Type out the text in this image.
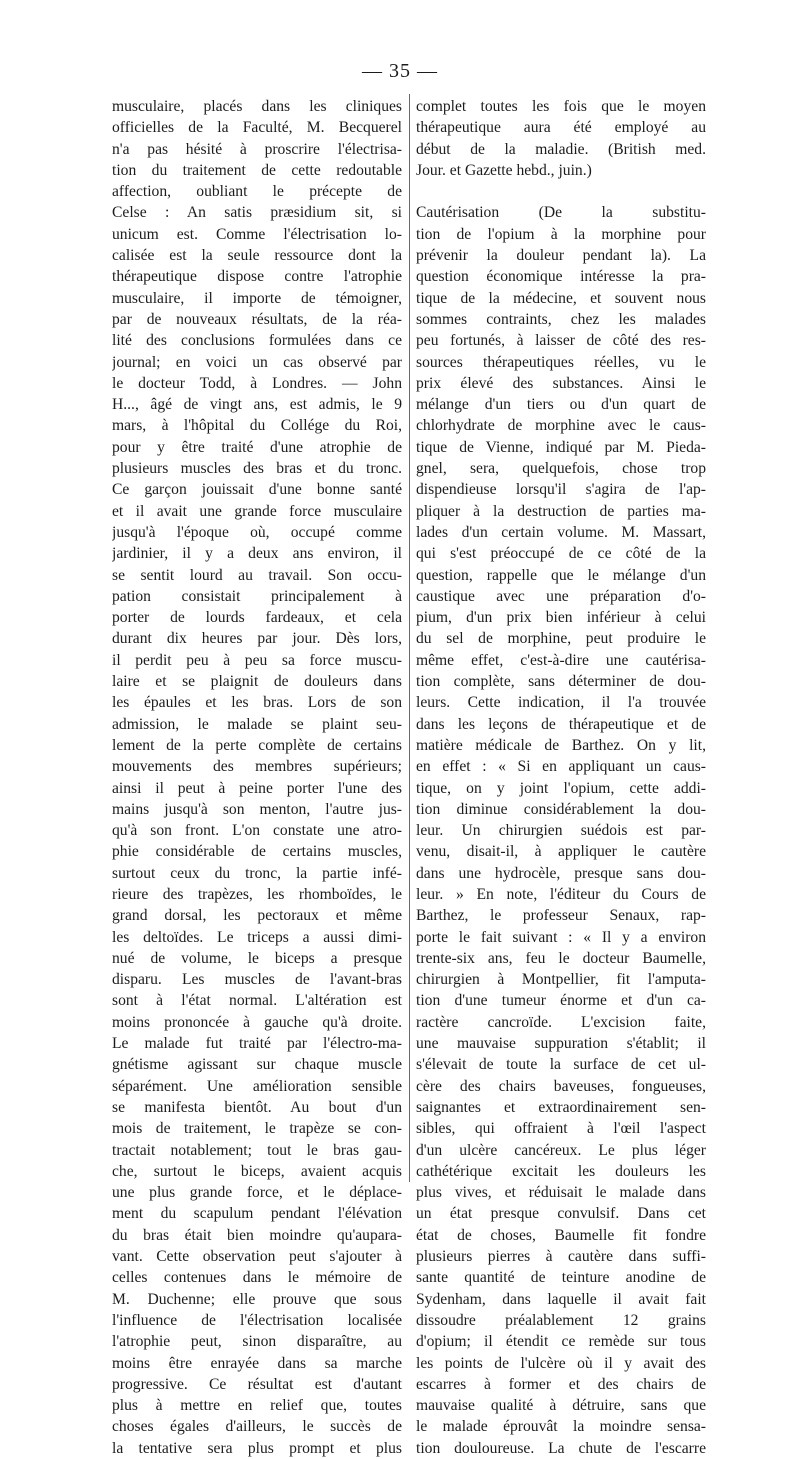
— 35 —
musculaire, placés dans les cliniques
officielles de la Faculté, M. Becquerel
n'a pas hésité à proscrire l'électrisa-
tion du traitement de cette redoutable
affection, oubliant le précepte de
Celse : An satis præsidium sit, si
unicum est. Comme l'électrisation lo-
calisée est la seule ressource dont la
thérapeutique dispose contre l'atrophie
musculaire, il importe de témoigner,
par de nouveaux résultats, de la réa-
lité des conclusions formulées dans ce
journal; en voici un cas observé par
le docteur Todd, à Londres. — John
H..., âgé de vingt ans, est admis, le 9
mars, à l'hôpital du Collége du Roi,
pour y être traité d'une atrophie de
plusieurs muscles des bras et du tronc.
Ce garçon jouissait d'une bonne santé
et il avait une grande force musculaire
jusqu'à l'époque où, occupé comme
jardinier, il y a deux ans environ, il
se sentit lourd au travail. Son occu-
pation consistait principalement à
porter de lourds fardeaux, et cela
durant dix heures par jour. Dès lors,
il perdit peu à peu sa force muscu-
laire et se plaignit de douleurs dans
les épaules et les bras. Lors de son
admission, le malade se plaint seu-
lement de la perte complète de certains
mouvements des membres supérieurs;
ainsi il peut à peine porter l'une des
mains jusqu'à son menton, l'autre jus-
qu'à son front. L'on constate une atro-
phie considérable de certains muscles,
surtout ceux du tronc, la partie infé-
rieure des trapèzes, les rhomboïdes, le
grand dorsal, les pectoraux et même
les deltoïdes. Le triceps a aussi dimi-
nué de volume, le biceps a presque
disparu. Les muscles de l'avant-bras
sont à l'état normal. L'altération est
moins prononcée à gauche qu'à droite.
Le malade fut traité par l'électro-ma-
gnétisme agissant sur chaque muscle
séparément. Une amélioration sensible
se manifesta bientôt. Au bout d'un
mois de traitement, le trapèze se con-
tractait notablement; tout le bras gau-
che, surtout le biceps, avaient acquis
une plus grande force, et le déplace-
ment du scapulum pendant l'élévation
du bras était bien moindre qu'aupara-
vant. Cette observation peut s'ajouter à
celles contenues dans le mémoire de
M. Duchenne; elle prouve que sous
l'influence de l'électrisation localisée
l'atrophie peut, sinon disparaître, au
moins être enrayée dans sa marche
progressive. Ce résultat est d'autant
plus à mettre en relief que, toutes
choses égales d'ailleurs, le succès de
la tentative sera plus prompt et plus
complet toutes les fois que le moyen
thérapeutique aura été employé au
début de la maladie. (British med.
Jour. et Gazette hebd., juin.)

Cautérisation (De la substitu-
tion de l'opium à la morphine pour
prévenir la douleur pendant la). La
question économique intéresse la pra-
tique de la médecine, et souvent nous
sommes contraints, chez les malades
peu fortunés, à laisser de côté des res-
sources thérapeutiques réelles, vu le
prix élevé des substances. Ainsi le
mélange d'un tiers ou d'un quart de
chlorhydrate de morphine avec le caus-
tique de Vienne, indiqué par M. Pieda-
gnel, sera, quelquefois, chose trop
dispendieuse lorsqu'il s'agira de l'ap-
pliquer à la destruction de parties ma-
lades d'un certain volume. M. Massart,
qui s'est préoccupé de ce côté de la
question, rappelle que le mélange d'un
caustique avec une préparation d'o-
pium, d'un prix bien inférieur à celui
du sel de morphine, peut produire le
même effet, c'est-à-dire une cautérisa-
tion complète, sans déterminer de dou-
leurs. Cette indication, il l'a trouvée
dans les leçons de thérapeutique et de
matière médicale de Barthez. On y lit,
en effet : « Si en appliquant un caus-
tique, on y joint l'opium, cette addi-
tion diminue considérablement la dou-
leur. Un chirurgien suédois est par-
venu, disait-il, à appliquer le cautère
dans une hydrocèle, presque sans dou-
leur. » En note, l'éditeur du Cours de
Barthez, le professeur Senaux, rap-
porte le fait suivant : « Il y a environ
trente-six ans, feu le docteur Baumelle,
chirurgien à Montpellier, fit l'amputa-
tion d'une tumeur énorme et d'un ca-
ractère cancroïde. L'excision faite,
une mauvaise suppuration s'établit; il
s'élevait de toute la surface de cet ul-
cère des chairs baveuses, fongueuses,
saignantes et extraordinairement sen-
sibles, qui offraient à l'œil l'aspect
d'un ulcère cancéreux. Le plus léger
cathétérique excitait les douleurs les
plus vives, et réduisait le malade dans
un état presque convulsif. Dans cet
état de choses, Baumelle fit fondre
plusieurs pierres à cautère dans suffi-
sante quantité de teinture anodine de
Sydenham, dans laquelle il avait fait
dissoudre préalablement 12 grains
d'opium; il étendit ce remède sur tous
les points de l'ulcère où il y avait des
escarres à former et des chairs de
mauvaise qualité à détruire, sans que
le malade éprouvât la moindre sensa-
tion douloureuse. La chute de l'escarre
